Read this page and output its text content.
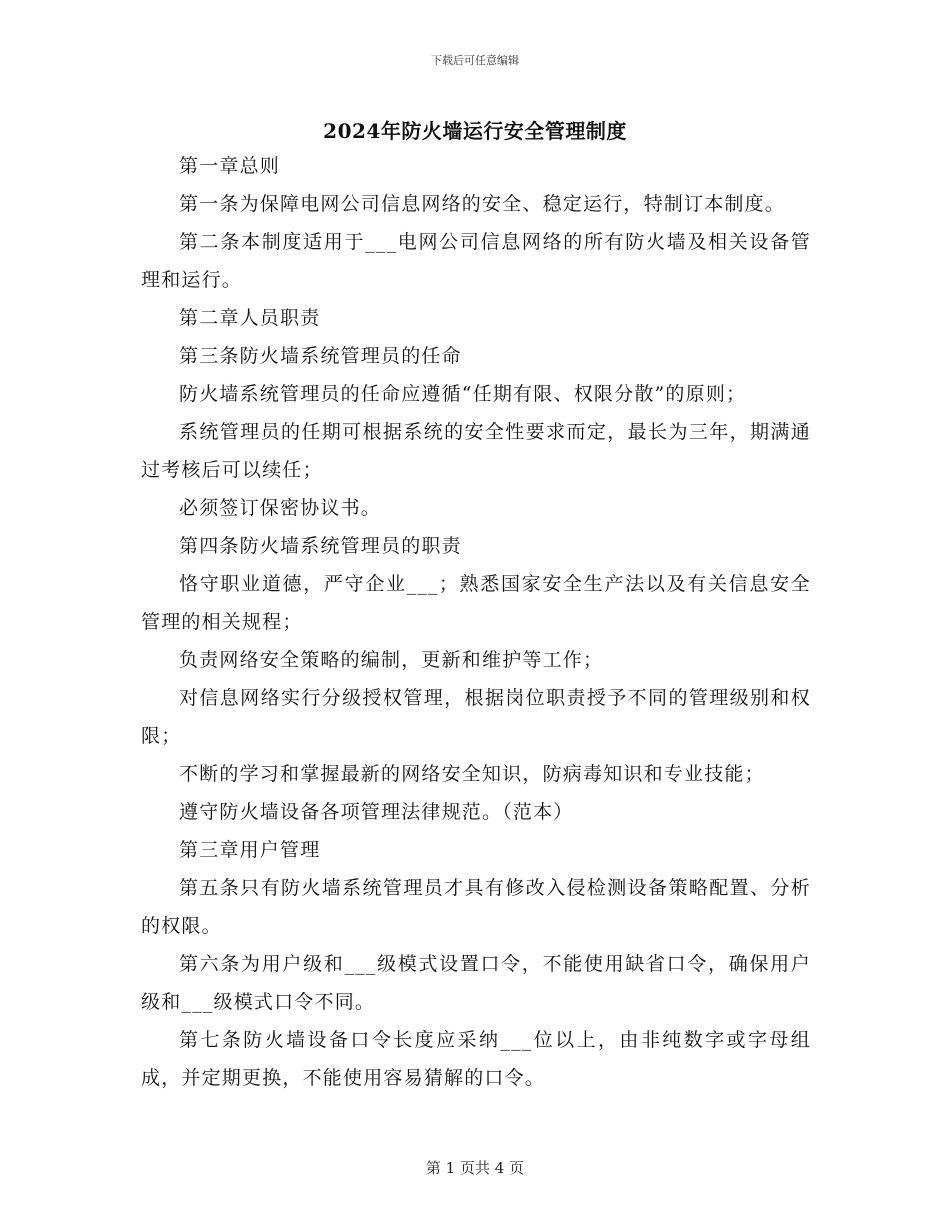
下载后可任意编辑
2024年防火墙运行安全管理制度

第一章总则

第一条为保障电网公司信息网络的安全、稳定运行，特制订本制度。

第二条本制度适用于___电网公司信息网络的所有防火墙及相关设备管理和运行。

第二章人员职责

第三条防火墙系统管理员的任命

防火墙系统管理员的任命应遵循“任期有限、权限分散”的原则；

系统管理员的任期可根据系统的安全性要求而定，最长为三年，期满通过考核后可以续任；

必须签订保密协议书。

第四条防火墙系统管理员的职责

恪守职业道德，严守企业___；熟悉国家安全生产法以及有关信息安全管理的相关规程；

负责网络安全策略的编制，更新和维护等工作；

对信息网络实行分级授权管理，根据岗位职责授予不同的管理级别和权限；

不断的学习和掌握最新的网络安全知识，防病毒知识和专业技能；

遵守防火墙设备各项管理法律规范。（范本）

第三章用户管理

第五条只有防火墙系统管理员才具有修改入侵检测设备策略配置、分析的权限。

第六条为用户级和___级模式设置口令，不能使用缺省口令，确保用户级和___级模式口令不同。

第七条防火墙设备口令长度应采纳___位以上，由非纯数字或字母组成，并定期更换，不能使用容易猜解的口令。

第 1 页共 4 页
